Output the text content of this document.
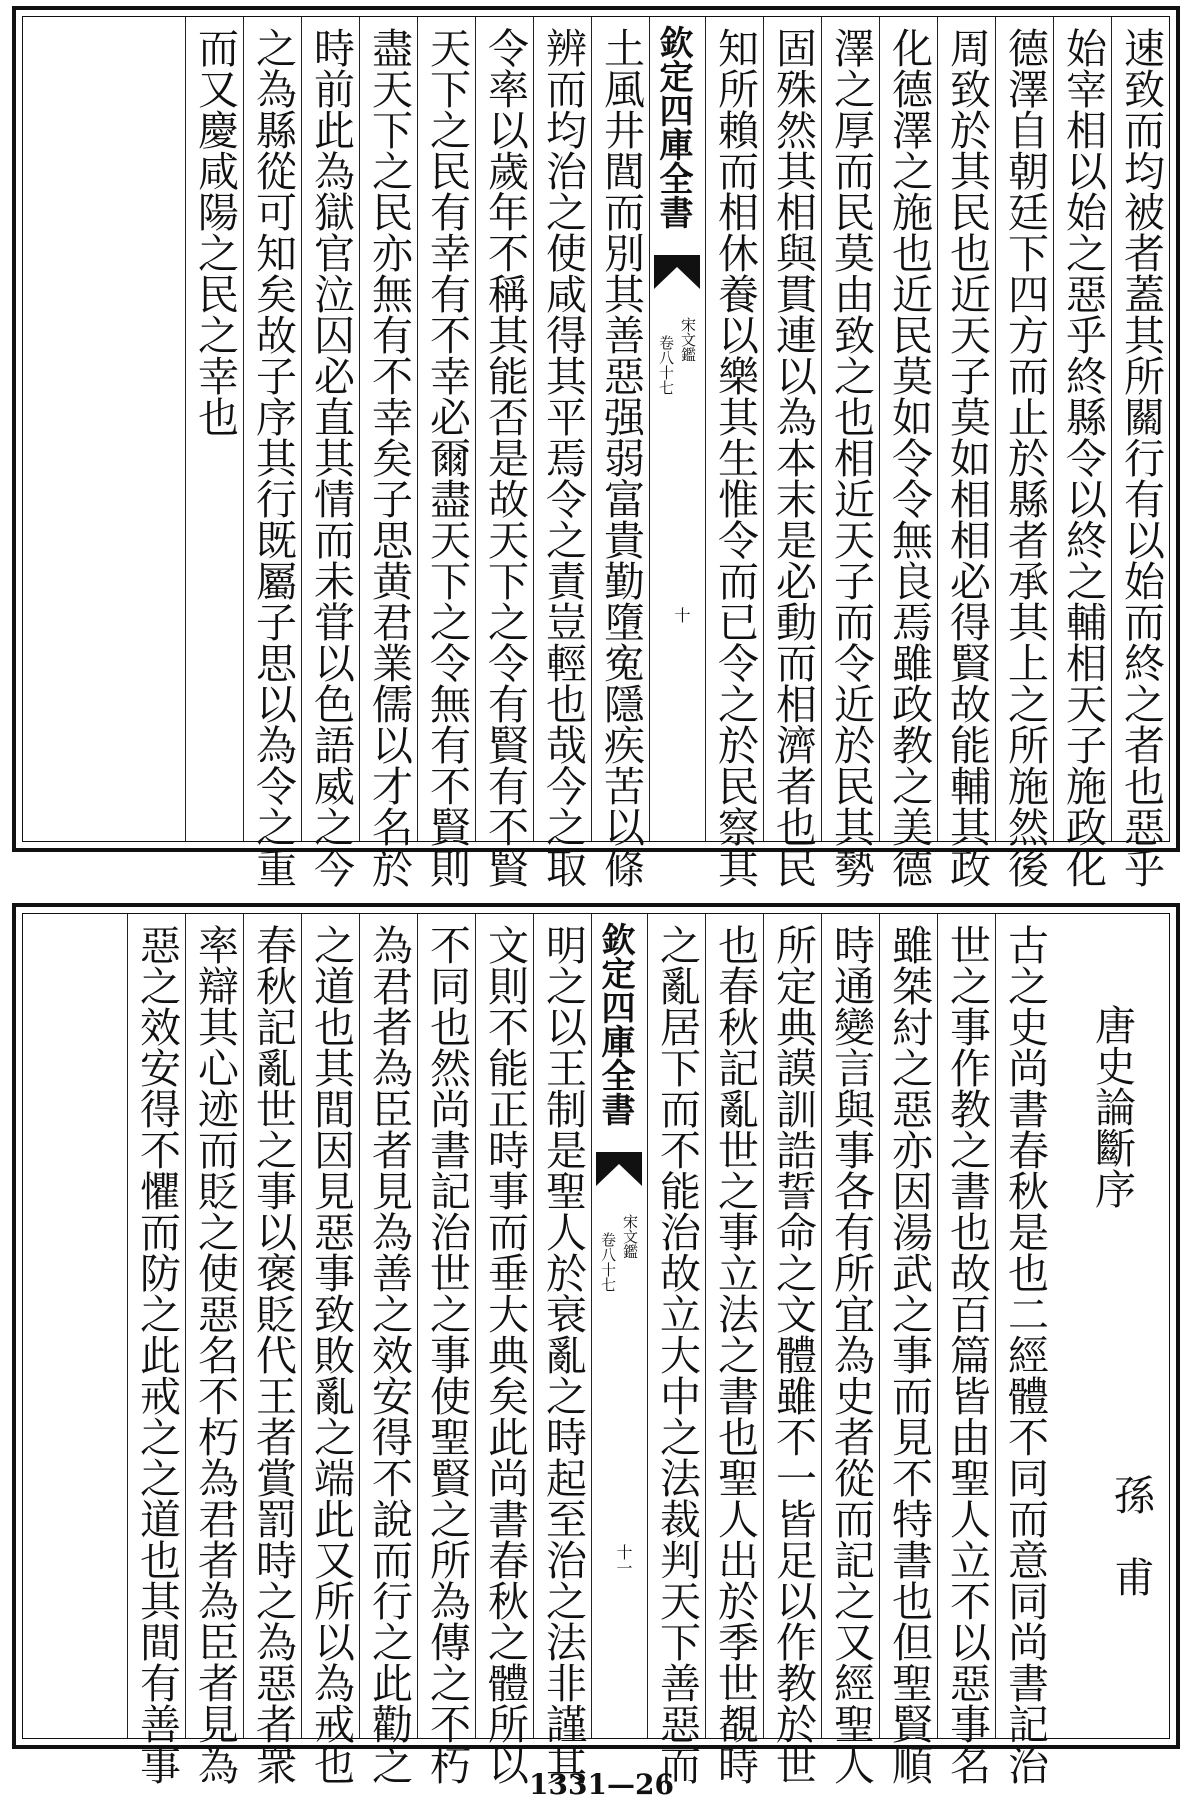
速致而均被者蓋其所關行有以始而終之者也惡乎
始宰相以始之惡乎終縣令以終之輔相天子施政化
德澤自朝廷下四方而止於縣者承其上之所施然後
周致於其民也近天子莫如相相必得賢故能輔其政
化德澤之施也近民莫如令令無良焉雖政教之美德
澤之厚而民莫由致之也相近天子而令近於民其勢
固殊然其相與貫連以為本末是必動而相濟者也民
知所賴而相休養以樂其生惟令而已令之於民察其
欽定四庫全書
宋文鑑
卷八十七
十
土風井閭而別其善惡强弱富貴勤墮寃隱疾苦以條
辨而均治之使咸得其平焉令之責豈輕也哉今之取
令率以歲年不稱其能否是故天下之令有賢有不賢
天下之民有幸有不幸必爾盡天下之令無有不賢則
盡天下之民亦無有不幸矣子思黄君業儒以才名於
時前此為獄官泣囚必直其情而未甞以色語威之今
之為縣從可知矣故子序其行既屬子思以為令之重
而又慶咸陽之民之幸也
唐史論斷序
孫　甫
古之史尚書春秋是也二經體不同而意同尚書記治
世之事作教之書也故百篇皆由聖人立不以惡事名
雖桀紂之惡亦因湯武之事而見不特書也但聖賢順
時通變言與事各有所宜為史者從而記之又經聖人
所定典謨訓誥誓命之文體雖不一皆足以作教於世
也春秋記亂世之事立法之書也聖人出於季世覩時
之亂居下而不能治故立大中之法裁判天下善惡而
欽定四庫全書
宋文鑑
卷八十七
十一
明之以王制是聖人於衰亂之時起至治之法非謹其
文則不能正時事而垂大典矣此尚書春秋之體所以
不同也然尚書記治世之事使聖賢之所為傳之不朽
為君者為臣者見為善之效安得不說而行之此勸之
之道也其間因見惡事致敗亂之端此又所以為戒也
春秋記亂世之事以褒貶代王者賞罰時之為惡者衆
率辯其心迹而貶之使惡名不朽為君者為臣者見為
惡之效安得不懼而防之此戒之之道也其間有善事	1331—26
